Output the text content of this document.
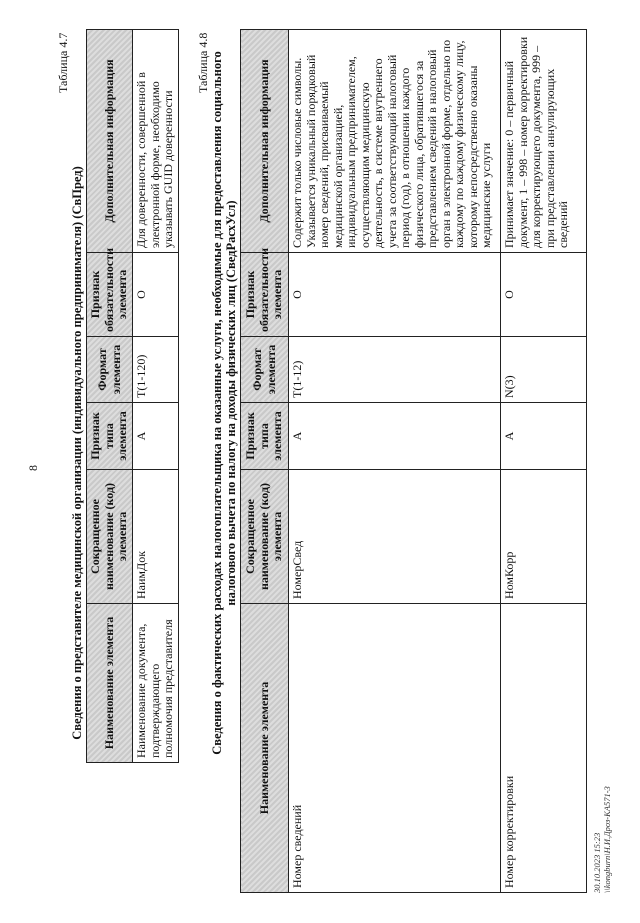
8
Таблица 4.7
Сведения о представителе медицинской организации (индивидуального предпринимателя) (СвПред) Наименование элемента	Сокращенное наименование (код) элемента	Признак типа элемента	Формат элемента	Признак обязательности элемента	Дополнительная информация
Наименование документа, подтверждающего полномочия представителя	НаимДок	А	Т(1-120)	О	Для доверенности, совершенной в электронной форме, необходимо указывать GUID доверенности
Таблица 4.8 Сведения о фактических расходах налогоплательщика на оказанные услуги, необходимые для предоставления социального налогового вычета по налогу на доходы физических лиц (СведРасхУсл)
Наименование элемента	Сокращенное наименование (код) элемента	Признак типа элемента	Формат элемента	Признак обязательности элемента	Дополнительная информация
Номер сведений	НомерСвед	А	Т(1-12)	О	Содержит только числовые символы. Указывается уникальный порядковый номер сведений, присваиваемый медицинской организацией, индивидуальным предпринимателем, осуществляющим медицинскую деятельность, в системе внутреннего учета за соответствующий налоговый период (год), в отношении каждого физического лица, обратившегося за представлением сведений в налоговый орган в электронной форме, отдельно по каждому по каждому физическому лицу, которому непосредственно оказаны медицинские услуги
Номер корректировки	НомКорр	А	N(3)	О	Принимает значение: 0 – первичный документ, 1 – 998 – номер корректировки для корректирующего документа, 999 – при представлении аннулирующих сведений
30.10.2023 15:23 \\kongburn\Н.И.Дроз-КА571-3
